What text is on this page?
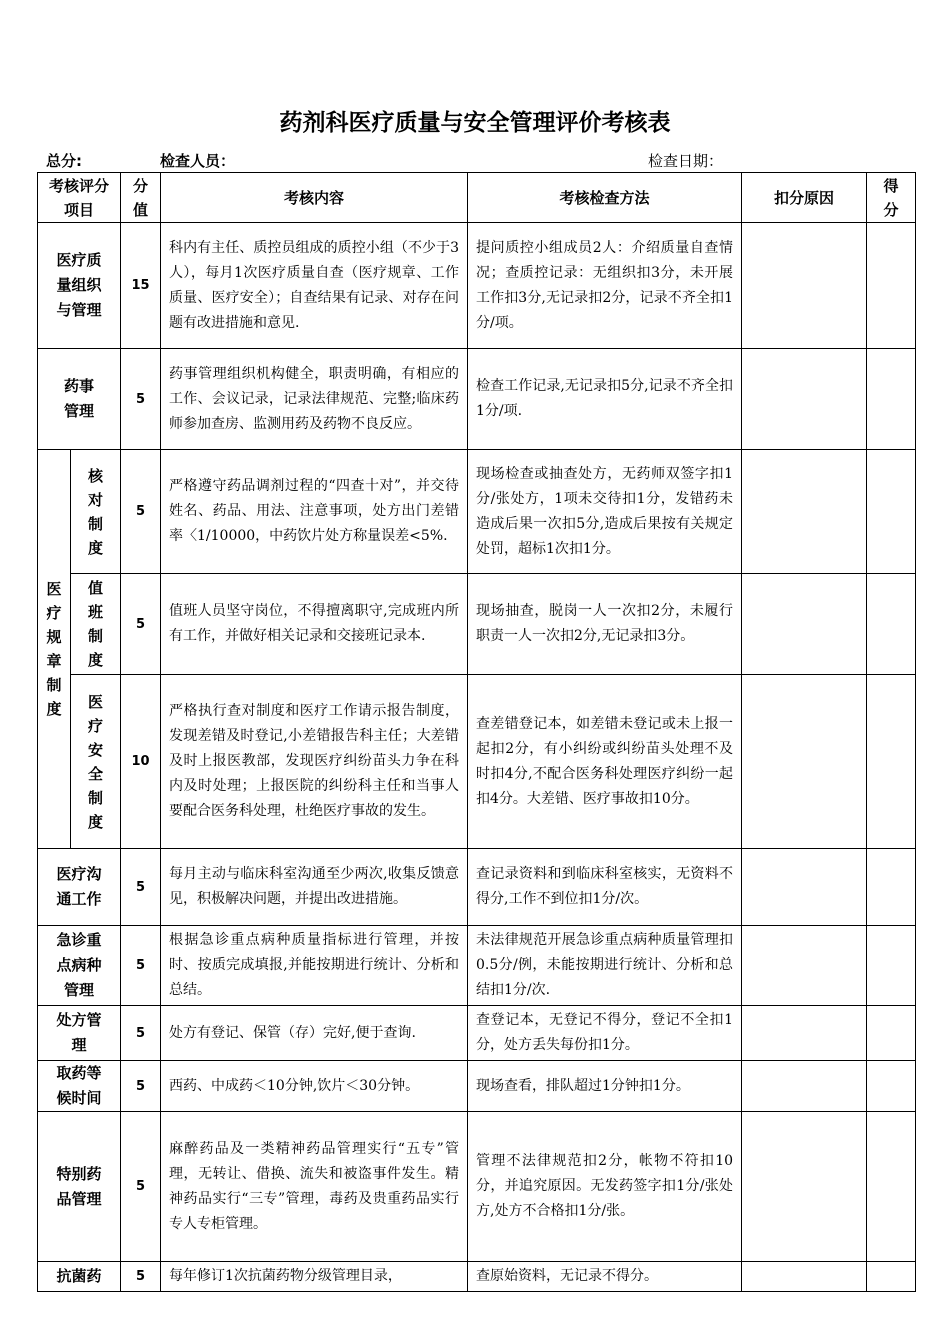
药剂科医疗质量与安全管理评价考核表
总分:	检查人员：	检查日期：
考核评分项目		分值	考核内容	考核检查方法	扣分原因	得分
医疗质量组织与管理		15	科内有主任、质控员组成的质控小组（不少于3人），每月1次医疗质量自查（医疗规章、工作质量、医疗安全）；自查结果有记录、对存在问题有改进措施和意见.	提问质控小组成员2人：介绍质量自查情况；查质控记录：无组织扣3分，未开展工作扣3分,无记录扣2分，记录不齐全扣1分/项。		
药事管理		5	药事管理组织机构健全，职责明确，有相应的工作、会议记录，记录法律规范、完整;临床药师参加查房、监测用药及药物不良反应。	检查工作记录,无记录扣5分,记录不齐全扣1分/项.		
医疗规章制度	核对制度	5	严格遵守药品调剂过程的“四查十对”，并交待姓名、药品、用法、注意事项，处方出门差错率〈1/10000，中药饮片处方称量误差<5%.	现场检查或抽查处方，无药师双签字扣1分/张处方，1项未交待扣1分，发错药未造成后果一次扣5分,造成后果按有关规定处罚，超标1次扣1分。		
	值班制度	5	值班人员坚守岗位，不得擅离职守,完成班内所有工作，并做好相关记录和交接班记录本.	现场抽查，脱岗一人一次扣2分，未履行职责一人一次扣2分,无记录扣3分。		
	医疗安全制度	10	严格执行查对制度和医疗工作请示报告制度，发现差错及时登记,小差错报告科主任；大差错及时上报医教部，发现医疗纠纷苗头力争在科内及时处理；上报医院的纠纷科主任和当事人要配合医务科处理，杜绝医疗事故的发生。	查差错登记本，如差错未登记或未上报一起扣2分，有小纠纷或纠纷苗头处理不及时扣4分,不配合医务科处理医疗纠纷一起扣4分。大差错、医疗事故扣10分。		
医疗沟通工作		5	每月主动与临床科室沟通至少两次,收集反馈意见，积极解决问题，并提出改进措施。	查记录资料和到临床科室核实，无资料不得分,工作不到位扣1分/次。		
急诊重点病种管理		5	根据急诊重点病种质量指标进行管理，并按时、按质完成填报,并能按期进行统计、分析和总结。	未法律规范开展急诊重点病种质量管理扣0.5分/例，未能按期进行统计、分析和总结扣1分/次.		
处方管理		5	处方有登记、保管（存）完好,便于查询.	查登记本，无登记不得分，登记不全扣1分，处方丢失每份扣1分。		
取药等候时间		5	西药、中成药＜10分钟,饮片＜30分钟。	现场查看，排队超过1分钟扣1分。		
特别药品管理		5	麻醉药品及一类精神药品管理实行“五专”管理，无转让、借换、流失和被盗事件发生。精神药品实行“三专”管理，毒药及贵重药品实行专人专柜管理。	管理不法律规范扣2分，帐物不符扣10分，并追究原因。无发药签字扣1分/张处方,处方不合格扣1分/张。		
抗菌药		5	每年修订1次抗菌药物分级管理目录，	查原始资料，无记录不得分。		
